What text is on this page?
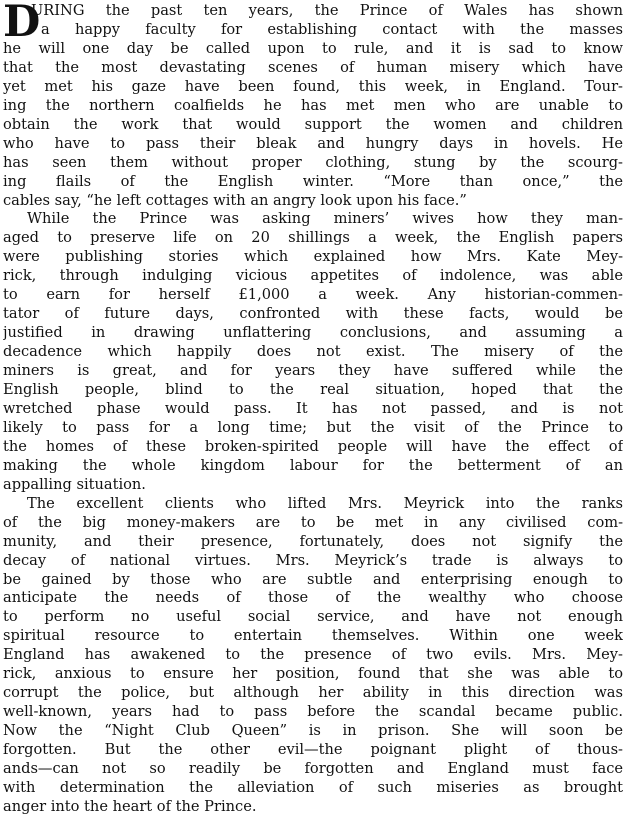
D
URING the past ten years, the Prince of Wales has shown
a happy faculty for establishing contact with the masses
he will one day be called upon to rule, and it is sad to know
that the most devastating scenes of human misery which have
yet met his gaze have been found, this week, in England. Tour-
ing the northern coalfields he has met men who are unable to
obtain the work that would support the women and children
who have to pass their bleak and hungry days in hovels. He
has seen them without proper clothing, stung by the scourg-
ing flails of the English winter. “More than once,” the
cables say, “he left cottages with an angry look upon his face.”
While the Prince was asking miners’ wives how they man-
aged to preserve life on 20 shillings a week, the English papers
were publishing stories which explained how Mrs. Kate Mey-
rick, through indulging vicious appetites of indolence, was able
to earn for herself £1,000 a week. Any historian-commen-
tator of future days, confronted with these facts, would be
justified in drawing unflattering conclusions, and assuming a
decadence which happily does not exist. The misery of the
miners is great, and for years they have suffered while the
English people, blind to the real situation, hoped that the
wretched phase would pass. It has not passed, and is not
likely to pass for a long time; but the visit of the Prince to
the homes of these broken-spirited people will have the effect of
making the whole kingdom labour for the betterment of an
appalling situation.
The excellent clients who lifted Mrs. Meyrick into the ranks
of the big money-makers are to be met in any civilised com-
munity, and their presence, fortunately, does not signify the
decay of national virtues. Mrs. Meyrick’s trade is always to
be gained by those who are subtle and enterprising enough to
anticipate the needs of those of the wealthy who choose
to perform no useful social service, and have not enough
spiritual resource to entertain themselves. Within one week
England has awakened to the presence of two evils. Mrs. Mey-
rick, anxious to ensure her position, found that she was able to
corrupt the police, but although her ability in this direction was
well-known, years had to pass before the scandal became public.
Now the “Night Club Queen” is in prison. She will soon be
forgotten. But the other evil—the poignant plight of thous-
ands—can not so readily be forgotten and England must face
with determination the alleviation of such miseries as brought
anger into the heart of the Prince.
